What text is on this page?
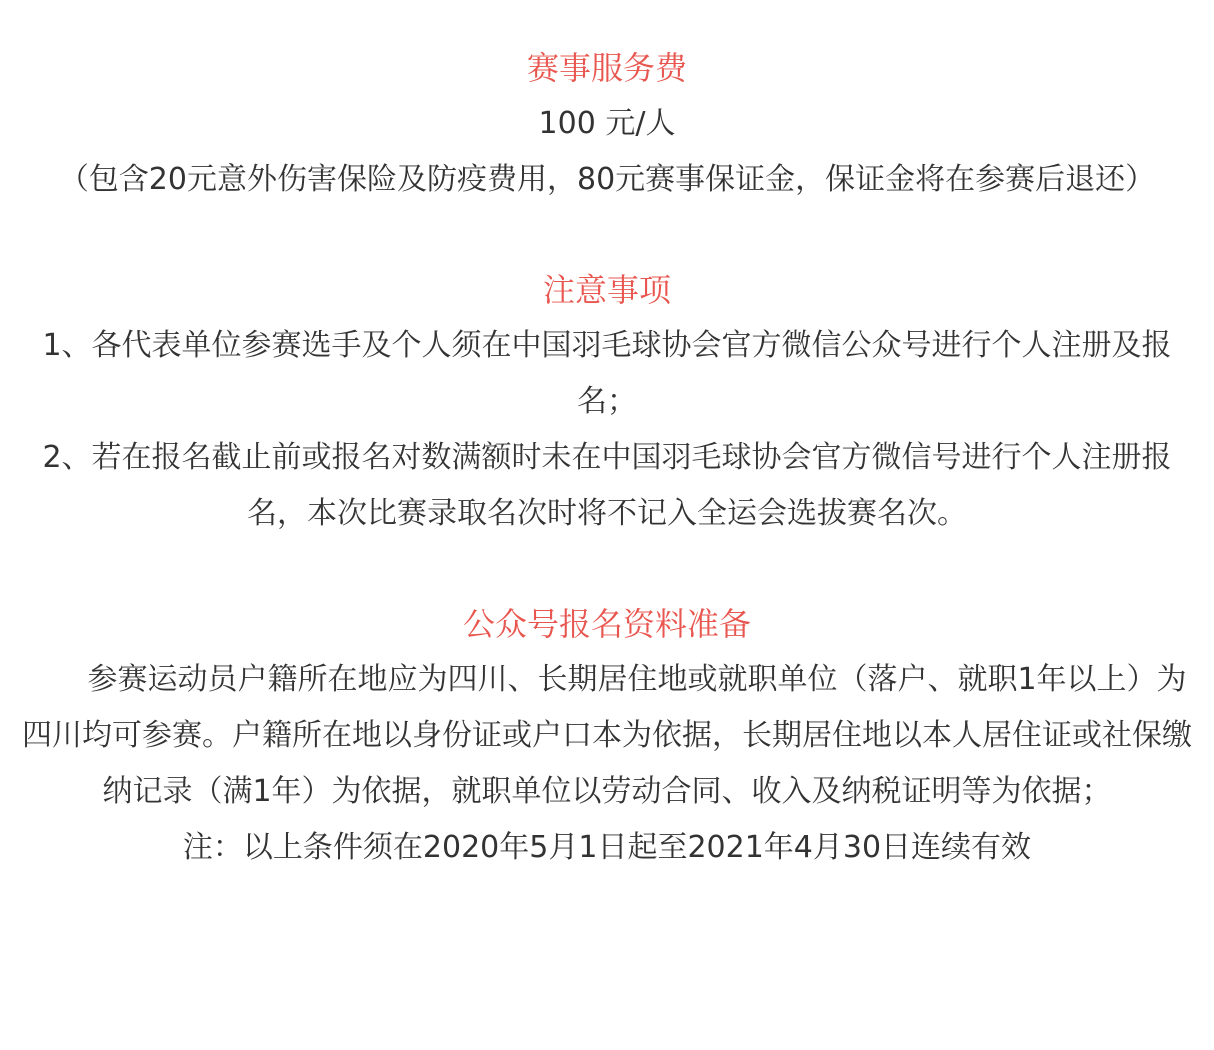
赛事服务费

100 元/人

（包含20元意外伤害保险及防疫费用，80元赛事保证金，保证金将在参赛后退还）

注意事项

1、各代表单位参赛选手及个人须在中国羽毛球协会官方微信公众号进行个人注册及报名；

2、若在报名截止前或报名对数满额时未在中国羽毛球协会官方微信号进行个人注册报名，本次比赛录取名次时将不记入全运会选拔赛名次。

公众号报名资料准备

参赛运动员户籍所在地应为四川、长期居住地或就职单位（落户、就职1年以上）为四川均可参赛。户籍所在地以身份证或户口本为依据，长期居住地以本人居住证或社保缴纳记录（满1年）为依据，就职单位以劳动合同、收入及纳税证明等为依据；

注：以上条件须在2020年5月1日起至2021年4月30日连续有效
